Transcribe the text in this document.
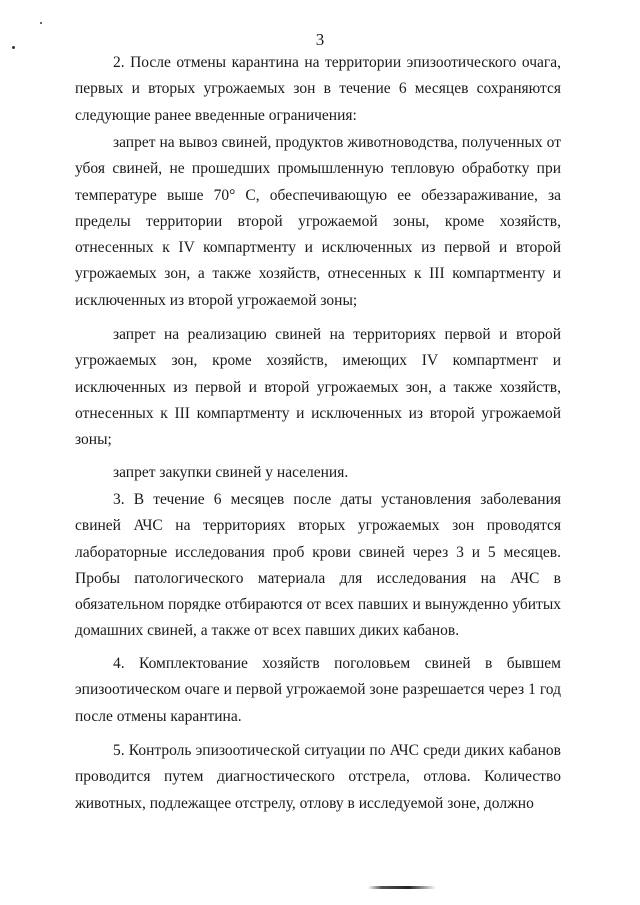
3

2. После отмены карантина на территории эпизоотического очага, первых и вторых угрожаемых зон в течение 6 месяцев сохраняются следующие ранее введенные ограничения:

запрет на вывоз свиней, продуктов животноводства, полученных от убоя свиней, не прошедших промышленную тепловую обработку при температуре выше 70° С, обеспечивающую ее обеззараживание, за пределы территории второй угрожаемой зоны, кроме хозяйств, отнесенных к IV компартменту и исключенных из первой и второй угрожаемых зон, а также хозяйств, отнесенных к III компартменту и исключенных из второй угрожаемой зоны;

запрет на реализацию свиней на территориях первой и второй угрожаемых зон, кроме хозяйств, имеющих IV компартмент и исключенных из первой и второй угрожаемых зон, а также хозяйств, отнесенных к III компартменту и исключенных из второй угрожаемой зоны;

запрет закупки свиней у населения.

3. В течение 6 месяцев после даты установления заболевания свиней АЧС на территориях вторых угрожаемых зон проводятся лабораторные исследования проб крови свиней через 3 и 5 месяцев. Пробы патологического материала для исследования на АЧС в обязательном порядке отбираются от всех павших и вынужденно убитых домашних свиней, а также от всех павших диких кабанов.

4. Комплектование хозяйств поголовьем свиней в бывшем эпизоотическом очаге и первой угрожаемой зоне разрешается через 1 год после отмены карантина.

5. Контроль эпизоотической ситуации по АЧС среди диких кабанов проводится путем диагностического отстрела, отлова. Количество животных, подлежащее отстрелу, отлову в исследуемой зоне, должно
